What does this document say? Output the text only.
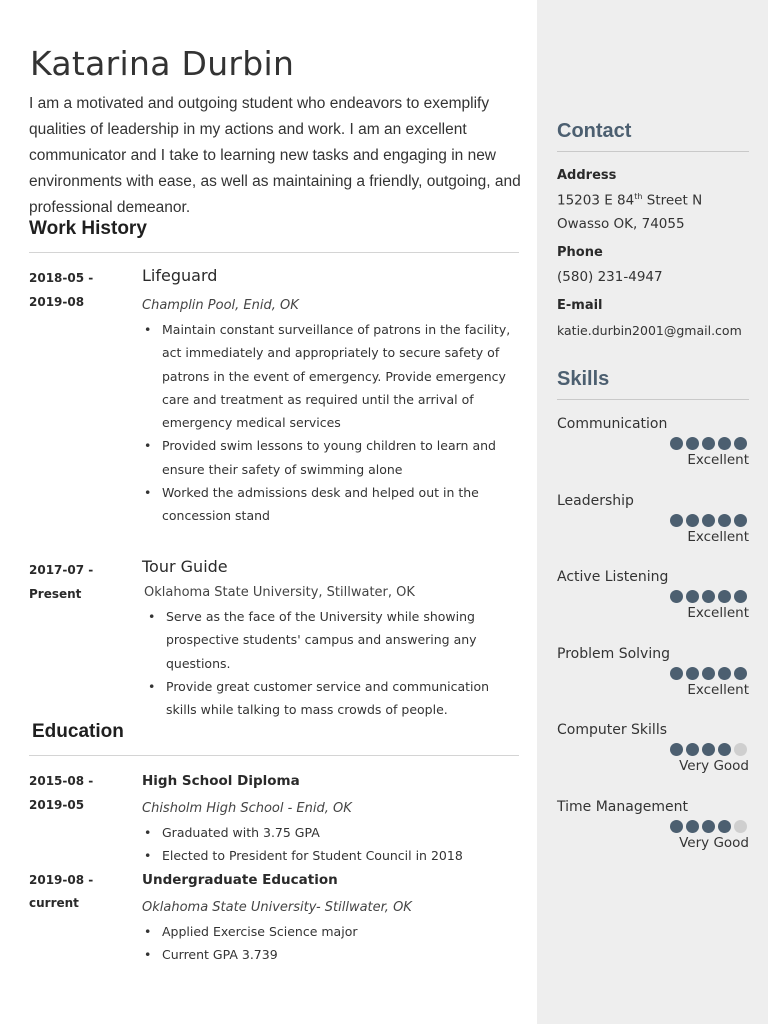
Contact
Address
15203 E 84th Street N
Owasso OK, 74055
Phone
(580) 231-4947
E-mail
katie.durbin2001@gmail.com
Skills
Communication
Excellent
Leadership
Excellent
Active Listening
Excellent
Problem Solving
Excellent
Computer Skills
Very Good
Time Management
Very Good
Katarina Durbin
I am a motivated and outgoing student who endeavors to exemplify qualities of leadership in my actions and work. I am an excellent communicator and I take to learning new tasks and engaging in new environments with ease, as well as maintaining a friendly, outgoing, and professional demeanor.
Work History
2018-05 -
2019-08
Lifeguard
Champlin Pool, Enid, OK
• Maintain constant surveillance of patrons in the facility, act immediately and appropriately to secure safety of patrons in the event of emergency. Provide emergency care and treatment as required until the arrival of emergency medical services
• Provided swim lessons to young children to learn and ensure their safety of swimming alone
• Worked the admissions desk and helped out in the concession stand
2017-07 -
Present
Tour Guide
Oklahoma State University, Stillwater, OK
• Serve as the face of the University while showing prospective students' campus and answering any questions.
• Provide great customer service and communication skills while talking to mass crowds of people.
Education
2015-08 -
2019-05
High School Diploma
Chisholm High School - Enid, OK
• Graduated with 3.75 GPA
• Elected to President for Student Council in 2018
2019-08 -
current
Undergraduate Education
Oklahoma State University- Stillwater, OK
• Applied Exercise Science major
• Current GPA 3.739
